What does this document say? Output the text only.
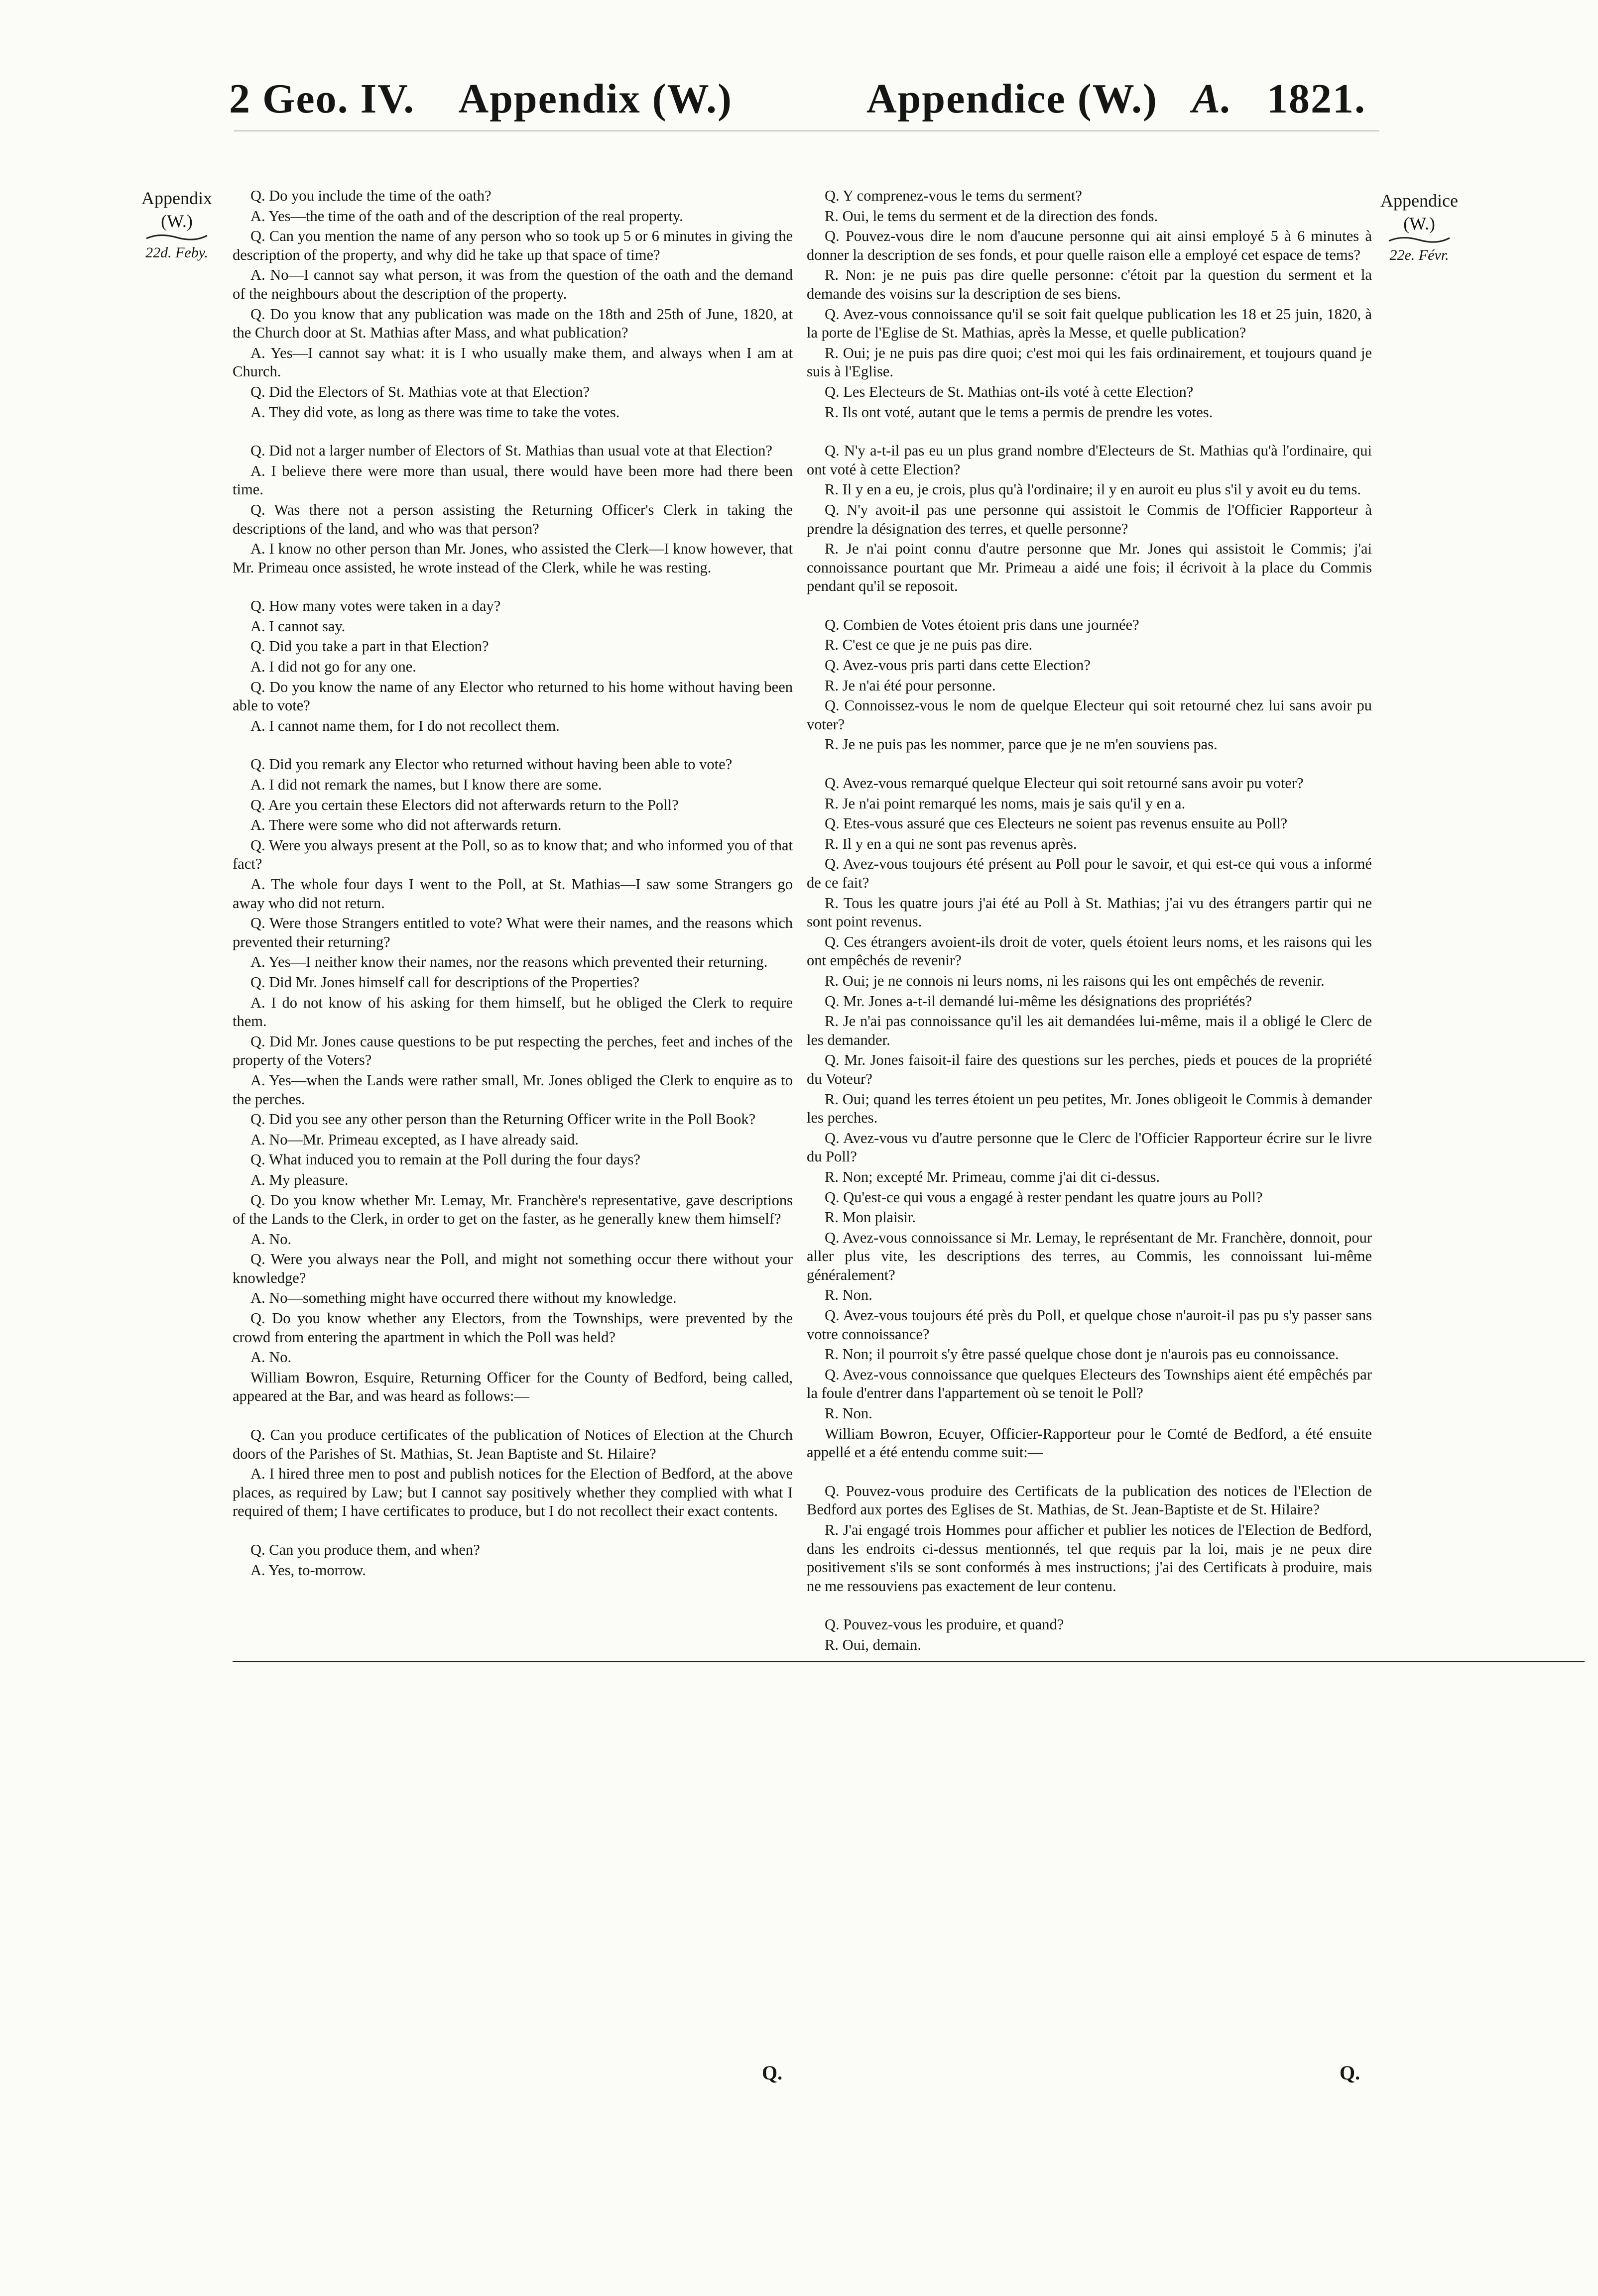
2 Geo. IV. Appendix (W.)	Appendice (W.) A. 1821.
Appendix
(W.)
22d. Feby.
Appendice
(W.)
22e. Févr.

Q. Do you include the time of the oath?

A. Yes—the time of the oath and of the description of the real property.

Q. Can you mention the name of any person who so took up 5 or 6 minutes in giving the description of the property, and why did he take up that space of time?

A. No—I cannot say what person, it was from the question of the oath and the demand of the neighbours about the description of the property.

Q. Do you know that any publication was made on the 18th and 25th of June, 1820, at the Church door at St. Mathias after Mass, and what publication?

A. Yes—I cannot say what: it is I who usually make them, and always when I am at Church.

Q. Did the Electors of St. Mathias vote at that Election?

A. They did vote, as long as there was time to take the votes.

Q. Did not a larger number of Electors of St. Mathias than usual vote at that Election?

A. I believe there were more than usual, there would have been more had there been time.

Q. Was there not a person assisting the Returning Officer's Clerk in taking the descriptions of the land, and who was that person?

A. I know no other person than Mr. Jones, who assisted the Clerk—I know however, that Mr. Primeau once assisted, he wrote instead of the Clerk, while he was resting.

Q. How many votes were taken in a day?

A. I cannot say.

Q. Did you take a part in that Election?

A. I did not go for any one.

Q. Do you know the name of any Elector who returned to his home without having been able to vote?

A. I cannot name them, for I do not recollect them.

Q. Did you remark any Elector who returned without having been able to vote?

A. I did not remark the names, but I know there are some.

Q. Are you certain these Electors did not afterwards return to the Poll?

A. There were some who did not afterwards return.

Q. Were you always present at the Poll, so as to know that; and who informed you of that fact?

A. The whole four days I went to the Poll, at St. Mathias—I saw some Strangers go away who did not return.

Q. Were those Strangers entitled to vote? What were their names, and the reasons which prevented their returning?

A. Yes—I neither know their names, nor the reasons which prevented their returning.

Q. Did Mr. Jones himself call for descriptions of the Properties?

A. I do not know of his asking for them himself, but he obliged the Clerk to require them.

Q. Did Mr. Jones cause questions to be put respecting the perches, feet and inches of the property of the Voters?

A. Yes—when the Lands were rather small, Mr. Jones obliged the Clerk to enquire as to the perches.

Q. Did you see any other person than the Returning Officer write in the Poll Book?

A. No—Mr. Primeau excepted, as I have already said.

Q. What induced you to remain at the Poll during the four days?

A. My pleasure.

Q. Do you know whether Mr. Lemay, Mr. Franchère's representative, gave descriptions of the Lands to the Clerk, in order to get on the faster, as he generally knew them himself?

A. No.

Q. Were you always near the Poll, and might not something occur there without your knowledge?

A. No—something might have occurred there without my knowledge.

Q. Do you know whether any Electors, from the Townships, were prevented by the crowd from entering the apartment in which the Poll was held?

A. No.

William Bowron, Esquire, Returning Officer for the County of Bedford, being called, appeared at the Bar, and was heard as follows:—

Q. Can you produce certificates of the publication of Notices of Election at the Church doors of the Parishes of St. Mathias, St. Jean Baptiste and St. Hilaire?

A. I hired three men to post and publish notices for the Election of Bedford, at the above places, as required by Law; but I cannot say positively whether they complied with what I required of them; I have certificates to produce, but I do not recollect their exact contents.

Q. Can you produce them, and when?

A. Yes, to-morrow.

Q. Y comprenez-vous le tems du serment?

R. Oui, le tems du serment et de la direction des fonds.

Q. Pouvez-vous dire le nom d'aucune personne qui ait ainsi employé 5 à 6 minutes à donner la description de ses fonds, et pour quelle raison elle a employé cet espace de tems?

R. Non: je ne puis pas dire quelle personne: c'étoit par la question du serment et la demande des voisins sur la description de ses biens.

Q. Avez-vous connoissance qu'il se soit fait quelque publication les 18 et 25 juin, 1820, à la porte de l'Eglise de St. Mathias, après la Messe, et quelle publication?

R. Oui; je ne puis pas dire quoi; c'est moi qui les fais ordinairement, et toujours quand je suis à l'Eglise.

Q. Les Electeurs de St. Mathias ont-ils voté à cette Election?

R. Ils ont voté, autant que le tems a permis de prendre les votes.

Q. N'y a-t-il pas eu un plus grand nombre d'Electeurs de St. Mathias qu'à l'ordinaire, qui ont voté à cette Election?

R. Il y en a eu, je crois, plus qu'à l'ordinaire; il y en auroit eu plus s'il y avoit eu du tems.

Q. N'y avoit-il pas une personne qui assistoit le Commis de l'Officier Rapporteur à prendre la désignation des terres, et quelle personne?

R. Je n'ai point connu d'autre personne que Mr. Jones qui assistoit le Commis; j'ai connoissance pourtant que Mr. Primeau a aidé une fois; il écrivoit à la place du Commis pendant qu'il se reposoit.

Q. Combien de Votes étoient pris dans une journée?

R. C'est ce que je ne puis pas dire.

Q. Avez-vous pris parti dans cette Election?

R. Je n'ai été pour personne.

Q. Connoissez-vous le nom de quelque Electeur qui soit retourné chez lui sans avoir pu voter?

R. Je ne puis pas les nommer, parce que je ne m'en souviens pas.

Q. Avez-vous remarqué quelque Electeur qui soit retourné sans avoir pu voter?

R. Je n'ai point remarqué les noms, mais je sais qu'il y en a.

Q. Etes-vous assuré que ces Electeurs ne soient pas revenus ensuite au Poll?

R. Il y en a qui ne sont pas revenus après.

Q. Avez-vous toujours été présent au Poll pour le savoir, et qui est-ce qui vous a informé de ce fait?

R. Tous les quatre jours j'ai été au Poll à St. Mathias; j'ai vu des étrangers partir qui ne sont point revenus.

Q. Ces étrangers avoient-ils droit de voter, quels étoient leurs noms, et les raisons qui les ont empêchés de revenir?

R. Oui; je ne connois ni leurs noms, ni les raisons qui les ont empêchés de revenir.

Q. Mr. Jones a-t-il demandé lui-même les désignations des propriétés?

R. Je n'ai pas connoissance qu'il les ait demandées lui-même, mais il a obligé le Clerc de les demander.

Q. Mr. Jones faisoit-il faire des questions sur les perches, pieds et pouces de la propriété du Voteur?

R. Oui; quand les terres étoient un peu petites, Mr. Jones obligeoit le Commis à demander les perches.

Q. Avez-vous vu d'autre personne que le Clerc de l'Officier Rapporteur écrire sur le livre du Poll?

R. Non; excepté Mr. Primeau, comme j'ai dit ci-dessus.

Q. Qu'est-ce qui vous a engagé à rester pendant les quatre jours au Poll?

R. Mon plaisir.

Q. Avez-vous connoissance si Mr. Lemay, le représentant de Mr. Franchère, donnoit, pour aller plus vite, les descriptions des terres, au Commis, les connoissant lui-même généralement?

R. Non.

Q. Avez-vous toujours été près du Poll, et quelque chose n'auroit-il pas pu s'y passer sans votre connoissance?

R. Non; il pourroit s'y être passé quelque chose dont je n'aurois pas eu connoissance.

Q. Avez-vous connoissance que quelques Electeurs des Townships aient été empêchés par la foule d'entrer dans l'appartement où se tenoit le Poll?

R. Non.

William Bowron, Ecuyer, Officier-Rapporteur pour le Comté de Bedford, a été ensuite appellé et a été entendu comme suit:—

Q. Pouvez-vous produire des Certificats de la publication des notices de l'Election de Bedford aux portes des Eglises de St. Mathias, de St. Jean-Baptiste et de St. Hilaire?

R. J'ai engagé trois Hommes pour afficher et publier les notices de l'Election de Bedford, dans les endroits ci-dessus mentionnés, tel que requis par la loi, mais je ne peux dire positivement s'ils se sont conformés à mes instructions; j'ai des Certificats à produire, mais ne me ressouviens pas exactement de leur contenu.

Q. Pouvez-vous les produire, et quand?

R. Oui, demain.

Q.	Q.
